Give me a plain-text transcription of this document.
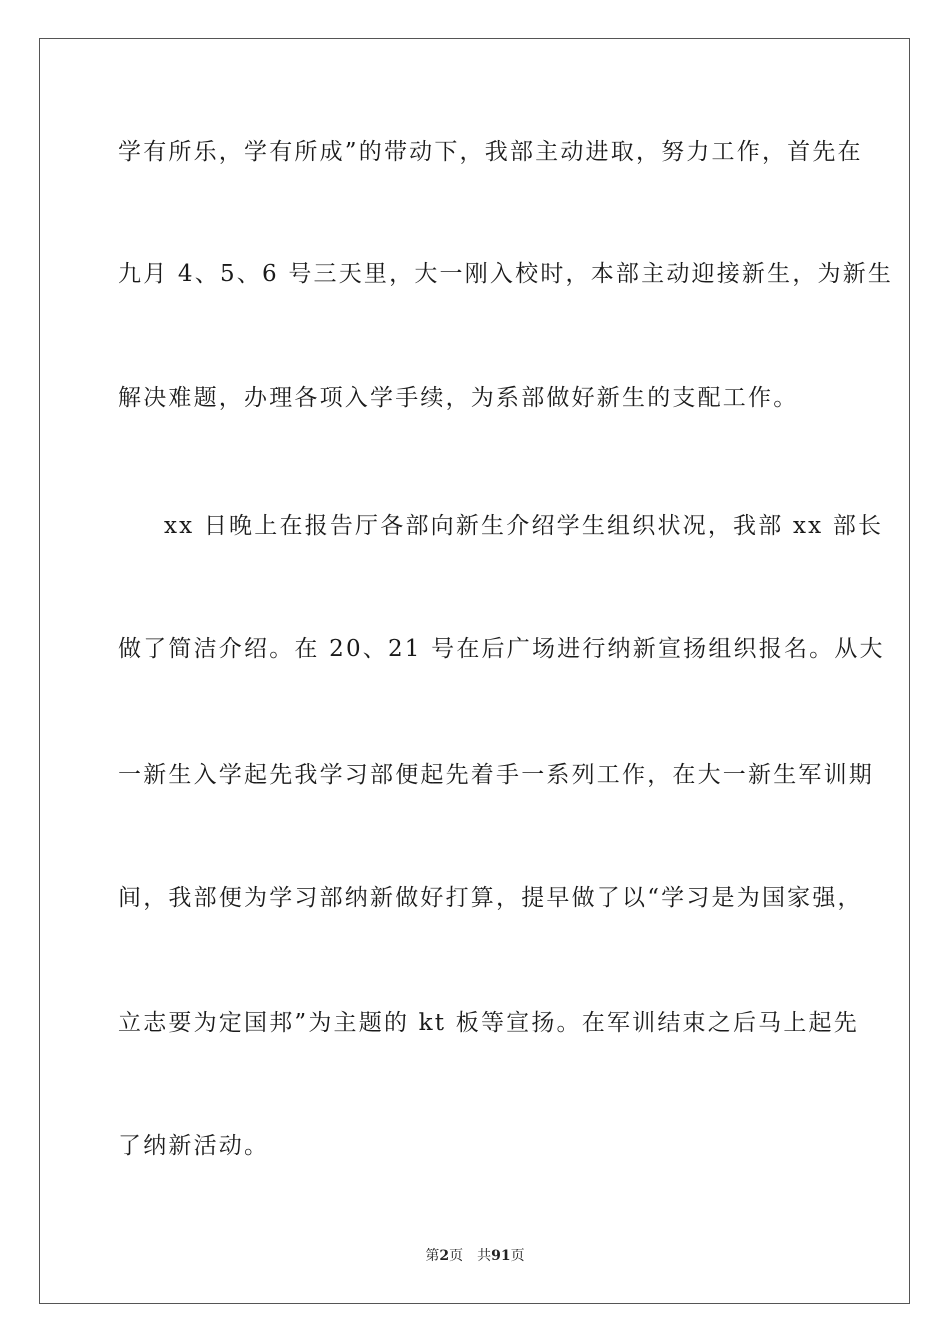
学有所乐，学有所成”的带动下，我部主动进取，努力工作，首先在
九月 4、5、6 号三天里，大一刚入校时，本部主动迎接新生，为新生
解决难题，办理各项入学手续，为系部做好新生的支配工作。
xx 日晚上在报告厅各部向新生介绍学生组织状况，我部 xx 部长
做了简洁介绍。在 20、21 号在后广场进行纳新宣扬组织报名。从大
一新生入学起先我学习部便起先着手一系列工作，在大一新生军训期
间，我部便为学习部纳新做好打算，提早做了以“学习是为国家强，
立志要为定国邦”为主题的 kt 板等宣扬。在军训结束之后马上起先
了纳新活动。
第2页 共91页
